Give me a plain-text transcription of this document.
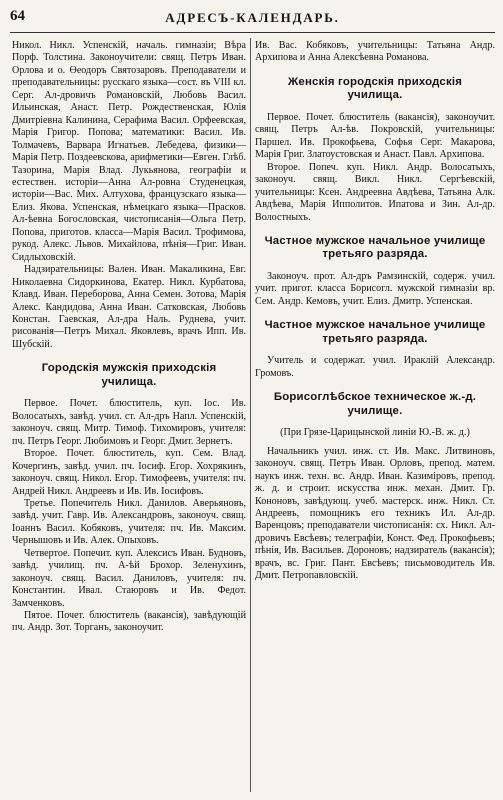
64	АДРЕСЪ-КАЛЕНДАРЬ.

Никол. Никл. Успенскій, началь. гимназіи; Вѣра Порф. Толстина. Законоучители: свящ. Петръ Иван. Орлова и о. Өеодоръ Святозаровъ. Преподаватели и преподавательницы: русскаго языка—сост. въ VIII кл. Серг. Ал-дровичъ Романовскій, Любовь Васил. Ильинская, Анаст. Петр. Рождественская, Юлія Дмитріевна Калинина, Серафима Васил. Орфеевская, Марія Григор. Попова; математики: Васил. Ив. Толмачевъ, Варвара Игнатьев. Лебедева, физики—Марія Петр. Поздеевскова, арифметики—Евген. Глѣб. Тазорина, Марія Влад. Лукьянова, географіи и естествен. исторіи—Анна Ал-ровна Студенецкая, исторіи—Вас. Мих. Алтухова, французскаго языка—Елиз. Якова. Успенская, нѣмецкаго языка—Прасков. Ал-ѣевна Богословская, чистописанія—Ольга Петр. Попова, приготов. класса—Марія Васил. Трофимова, рукод. Алекс. Львов. Михайлова, пѣнія—Григ. Иван. Сидлыховскій.

Надзирательницы: Вален. Иван. Макаликина, Евг. Николаевна Сидоркинова, Екатер. Никл. Курбатова, Клавд. Иван. Переборова, Анна Семен. Зотова, Марія Алекс. Кандидова, Анна Иван. Сатковская, Любовь Констан. Гаевская, Ал-дра Наль. Руднева, учит. рисованія—Петръ Михал. Яковлевъ, врачъ Ипп. Ив. Шубскій.

Городскія мужскія приходскія училища.

Первое. Почет. блюститель, куп. Іос. Ив. Волосатыхъ, завѣд. учил. ст. Ал-дръ Напл. Успенскій, законоуч. свящ. Митр. Тимоф. Тихомировъ, учителя: пч. Петръ Георг. Любимовъ и Георг. Дмит. Зернетъ.

Второе. Почет. блюститель, куп. Сем. Влад. Кочергинъ, завѣд. учил. пч. Іосиф. Егор. Хохрякинъ, законоуч. свящ. Никол. Егор. Тимофеевъ, учителя: пч. Андрей Никл. Андреевъ и Ив. Ив. Іосифовъ.

Третье. Попечитель Никл. Данилов. Аверьяновъ, завѣд. учит. Гавр. Ив. Александровъ, законоуч. свящ. Іоаннъ Васил. Кобяковъ, учителя: пч. Ив. Максим. Чернышовъ и Ив. Алек. Опыховъ.

Четвертое. Попечит. куп. Алексисъ Иван. Будновъ, завѣд. училищ. пч. А-ѣй Брохор. Зеленухинъ, законоуч. свящ. Васил. Даниловъ, учителя: пч. Константин. Ивал. Стаюровъ и Ив. Федот. Замченковъ.

Пятое. Почет. блюститель (вакансія), завѣдующій пч. Андр. Зот. Торганъ, законоучит.

Ив. Вас. Кобяковъ, учительницы: Татьяна Андр. Архипова и Анна Алексѣевна Романова.

Женскія городскія приходскія училища.

Первое. Почет. блюститель (вакансія), законоучит. свящ. Петръ Ал-ѣв. Покровскій, учительницы: Паршел. Ив. Прокофьева, Софья Серг. Макарова, Марія Григ. Златоустовская и Анаст. Павл. Архипова.

Второе. Попеч. куп. Никл. Андр. Волосатыхъ, законоуч. свящ. Викл. Никл. Сергѣевскій, учительницы: Ксен. Андреевна Авдѣева, Татьяна Алк. Авдѣева, Марія Ипполитов. Ипатова и Зин. Ал-др. Волостныхъ.

Частное мужское начальное училище третьяго разряда.

Законоуч. прот. Ал-дръ Рамзинскій, содерж. учил. учит. пригот. класса Борисогл. мужской гимназіи вр. Сем. Андр. Кемовъ, учит. Елиз. Дмитр. Успенская.

Частное мужское начальное училище третьяго разряда.

Учитель и содержат. учил. Ираклій Александр. Громовъ.

Борисоглѣбское техническое ж.-д. училище.

(При Грязе-Царицынской линіи Ю.-В. ж. д.)

Начальникъ учил. инж. ст. Ив. Макс. Литвиновъ, законоуч. свящ. Петръ Иван. Орловъ, препод. матем. наукъ инж. техн. вс. Андр. Иван. Казиміровъ, препод. ж. д. и строит. искусства инж. механ. Дмит. Гр. Кононовъ, завѣдующ. учеб. мастерск. инж. Никл. Ст. Андреевъ, помощникъ его техникъ Ил. Ал-др. Варенцовъ; преподаватели чистописанія: сх. Никл. Ал-дровичъ Евсѣевъ; телеграфіи, Конст. Фед. Прокофьевъ; пѣнія, Ив. Васильев. Дороновъ; надзиратель (вакансія); врачъ, вс. Григ. Пант. Евсѣевъ; письмоводитель Ив. Дмит. Петропавловскій.
